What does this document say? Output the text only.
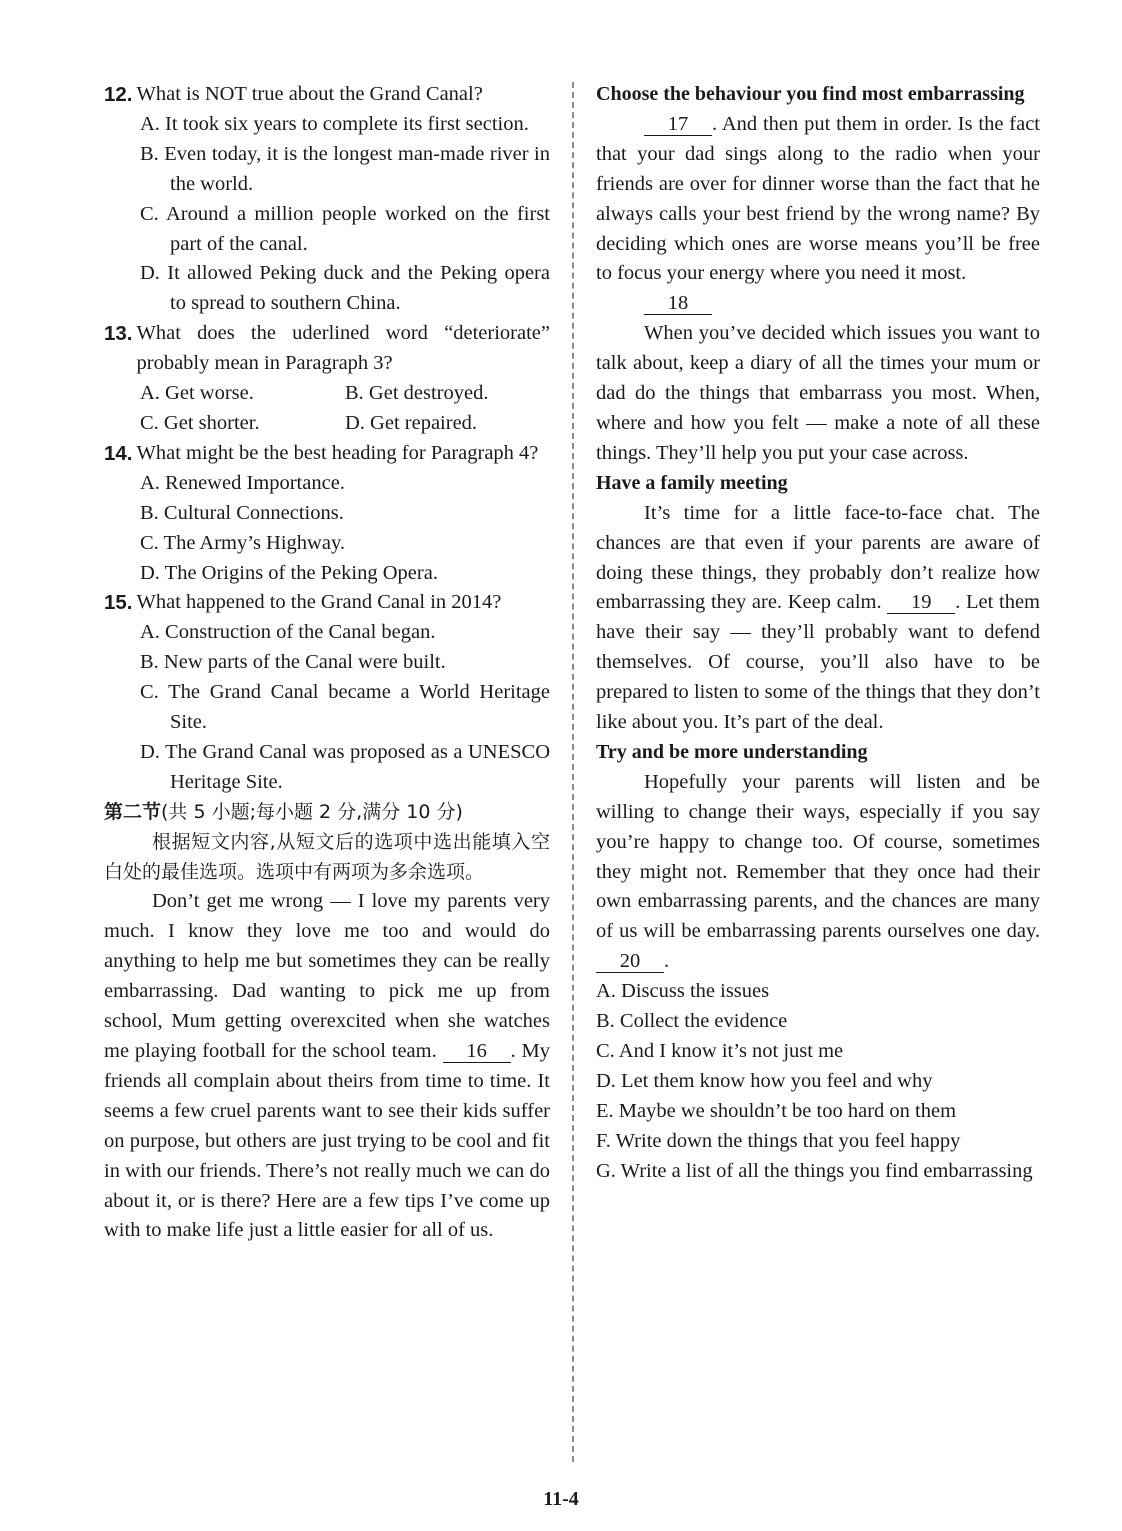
12. What is NOT true about the Grand Canal?

A. It took six years to complete its first section.

B. Even today, it is the longest man-made river in the world.

C. Around a million people worked on the first part of the canal.

D. It allowed Peking duck and the Peking opera to spread to southern China.

13. What does the uderlined word “deteriorate” probably mean in Paragraph 3?
A. Get worse.	B. Get destroyed.
C. Get shorter.	D. Get repaired.
14. What might be the best heading for Paragraph 4?

A. Renewed Importance.

B. Cultural Connections.

C. The Army’s Highway.

D. The Origins of the Peking Opera.

15. What happened to the Grand Canal in 2014?

A. Construction of the Canal began.

B. New parts of the Canal were built.

C. The Grand Canal became a World Heritage Site.

D. The Grand Canal was proposed as a UNESCO Heritage Site.

第二节(共 5 小题;每小题 2 分,满分 10 分)

根据短文内容,从短文后的选项中选出能填入空白处的最佳选项。选项中有两项为多余选项。

Don’t get me wrong — I love my parents very much. I know they love me too and would do anything to help me but sometimes they can be really embarrassing. Dad wanting to pick me up from school, Mum getting overexcited when she watches me playing football for the school team. 16 . My friends all complain about theirs from time to time. It seems a few cruel parents want to see their kids suffer on purpose, but others are just trying to be cool and fit in with our friends. There’s not really much we can do about it, or is there? Here are a few tips I’ve come up with to make life just a little easier for all of us.

Choose the behaviour you find most embarrassing

17 . And then put them in order. Is the fact that your dad sings along to the radio when your friends are over for dinner worse than the fact that he always calls your best friend by the wrong name? By deciding which ones are worse means you’ll be free to focus your energy where you need it most.

18

When you’ve decided which issues you want to talk about, keep a diary of all the times your mum or dad do the things that embarrass you most. When, where and how you felt — make a note of all these things. They’ll help you put your case across.

Have a family meeting

It’s time for a little face-to-face chat. The chances are that even if your parents are aware of doing these things, they probably don’t realize how embarrassing they are. Keep calm. 19 . Let them have their say — they’ll probably want to defend themselves. Of course, you’ll also have to be prepared to listen to some of the things that they don’t like about you. It’s part of the deal.

Try and be more understanding

Hopefully your parents will listen and be willing to change their ways, especially if you say you’re happy to change too. Of course, sometimes they might not. Remember that they once had their own embarrassing parents, and the chances are many of us will be embarrassing parents ourselves one day. 20 .

A. Discuss the issues

B. Collect the evidence

C. And I know it’s not just me

D. Let them know how you feel and why

E. Maybe we shouldn’t be too hard on them

F. Write down the things that you feel happy

G. Write a list of all the things you find embarrassing

11-4
